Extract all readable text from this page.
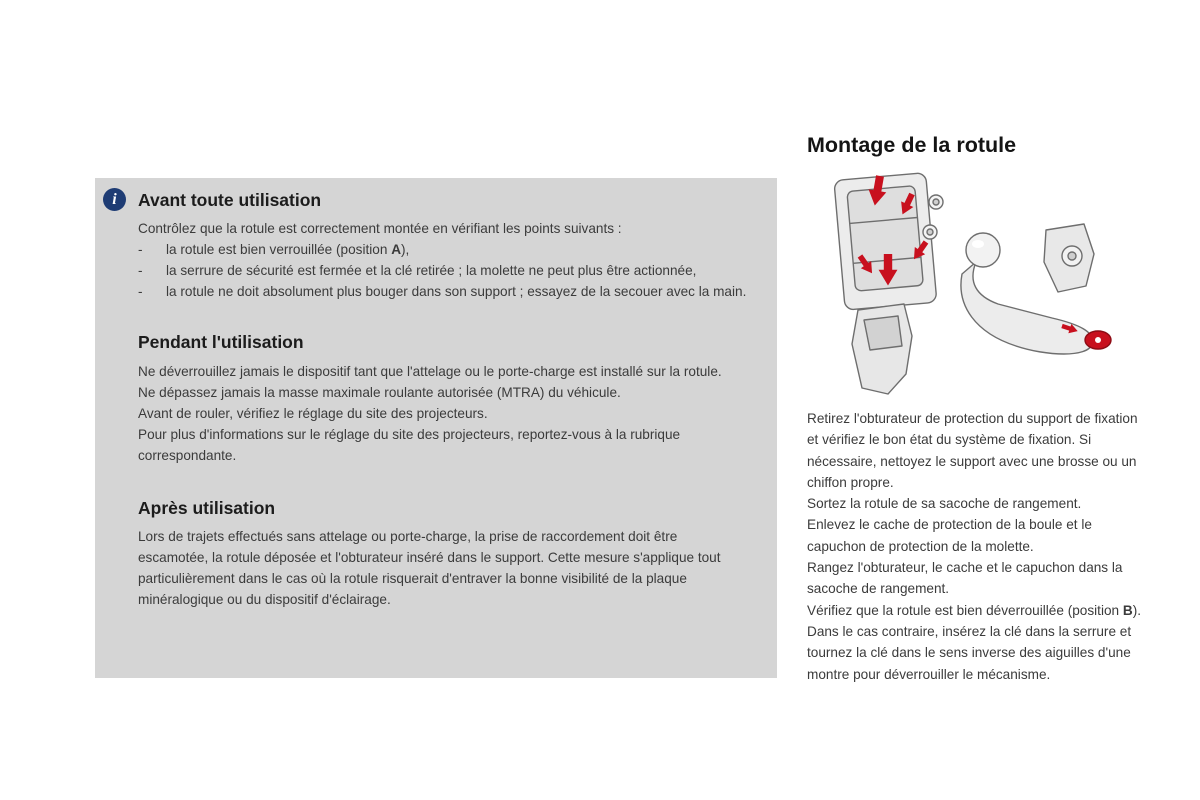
i	Avant toute utilisation

Contrôlez que la rotule est correctement montée en vérifiant les points suivants :

-	la rotule est bien verrouillée (position A),
-	la serrure de sécurité est fermée et la clé retirée ; la molette ne peut plus être actionnée,
-	la rotule ne doit absolument plus bouger dans son support ; essayez de la secouer avec la main.
Pendant l'utilisation

Ne déverrouillez jamais le dispositif tant que l'attelage ou le porte-charge est installé sur la rotule.

Ne dépassez jamais la masse maximale roulante autorisée (MTRA) du véhicule.

Avant de rouler, vérifiez le réglage du site des projecteurs.

Pour plus d'informations sur le réglage du site des projecteurs, reportez-vous à la rubrique correspondante.

Après utilisation

Lors de trajets effectués sans attelage ou porte-charge, la prise de raccordement doit être escamotée, la rotule déposée et l'obturateur inséré dans le support. Cette mesure s'applique tout particulièrement dans le cas où la rotule risquerait d'entraver la bonne visibilité de la plaque minéralogique ou du dispositif d'éclairage.

Montage de la rotule

Retirez l'obturateur de protection du support de fixation et vérifiez le bon état du système de fixation. Si nécessaire, nettoyez le support avec une brosse ou un chiffon propre.

Sortez la rotule de sa sacoche de rangement.

Enlevez le cache de protection de la boule et le capuchon de protection de la molette.

Rangez l'obturateur, le cache et le capuchon dans la sacoche de rangement.

Vérifiez que la rotule est bien déverrouillée (position B). Dans le cas contraire, insérez la clé dans la serrure et tournez la clé dans le sens inverse des aiguilles d'une montre pour déverrouiller le mécanisme.
